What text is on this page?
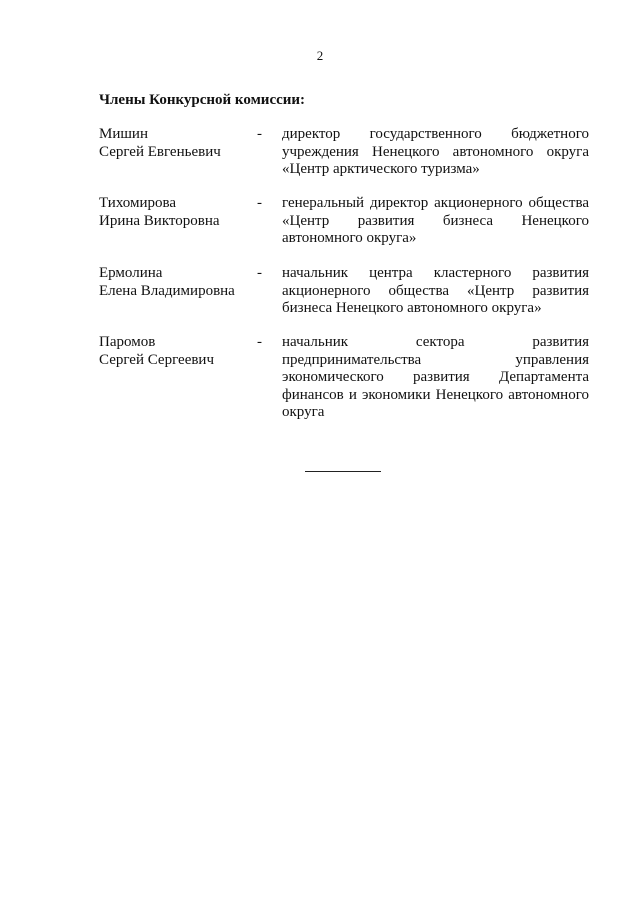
2
Члены Конкурсной комиссии:
Мишин
Сергей Евгеньевич
-	директор государственного бюджетного
учреждения Ненецкого автономного округа
«Центр арктического туризма»
Тихомирова
Ирина Викторовна
-	генеральный директор акционерного общества
«Центр развития бизнеса Ненецкого
автономного округа»
Ермолина
Елена Владимировна
-	начальник центра кластерного развития
акционерного общества «Центр развития
бизнеса Ненецкого автономного округа»
Паромов
Сергей Сергеевич
-	начальник сектора развития
предпринимательства управления
экономического развития Департамента
финансов и экономики Ненецкого автономного
округа
